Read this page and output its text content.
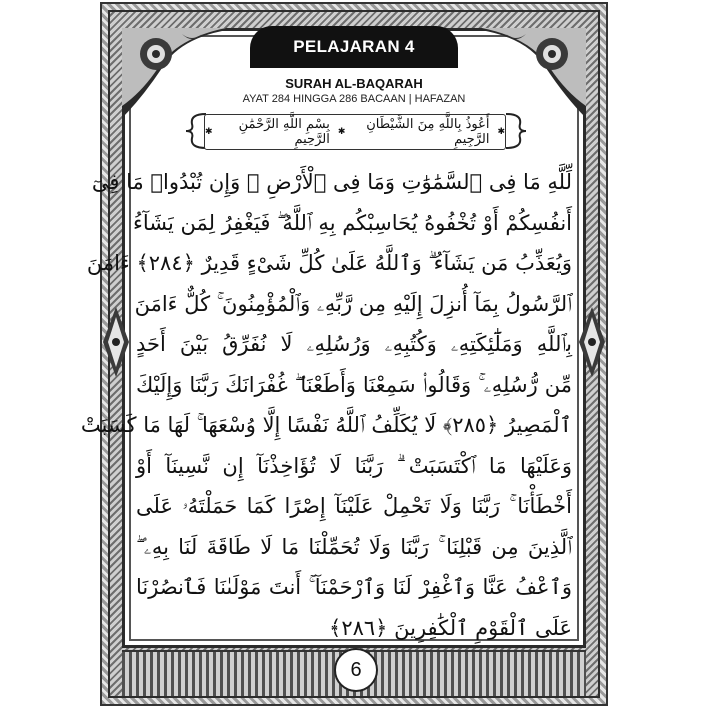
PELAJARAN 4
SURAH AL-BAQARAH
AYAT 284 HINGGA 286 BACAAN | HAFAZAN
✱
أَعُوذُ بِاللَّهِ مِنَ الشَّيْطَانِ الرَّجِيمِ
✱
بِسْمِ اللَّهِ الرَّحْمَٰنِ الرَّحِيمِ
✱
لِّلَّهِ مَا فِى ٱلسَّمَٰوَٰتِ وَمَا فِى ٱلْأَرْضِ ۗ وَإِن تُبْدُوا۟ مَا فِىٓ
أَنفُسِكُمْ أَوْ تُخْفُوهُ يُحَاسِبْكُم بِهِ ٱللَّهُ ۖ فَيَغْفِرُ لِمَن يَشَآءُ
وَيُعَذِّبُ مَن يَشَآءُ ۗ وَٱللَّهُ عَلَىٰ كُلِّ شَىْءٍ قَدِيرٌ ﴿٢٨٤﴾ ءَامَنَ
ٱلرَّسُولُ بِمَآ أُنزِلَ إِلَيْهِ مِن رَّبِّهِۦ وَٱلْمُؤْمِنُونَ ۚ كُلٌّ ءَامَنَ
بِٱللَّهِ وَمَلَٰٓئِكَتِهِۦ وَكُتُبِهِۦ وَرُسُلِهِۦ لَا نُفَرِّقُ بَيْنَ أَحَدٍ
مِّن رُّسُلِهِۦ ۚ وَقَالُوا۟ سَمِعْنَا وَأَطَعْنَا ۖ غُفْرَانَكَ رَبَّنَا وَإِلَيْكَ
ٱلْمَصِيرُ ﴿٢٨٥﴾ لَا يُكَلِّفُ ٱللَّهُ نَفْسًا إِلَّا وُسْعَهَا ۚ لَهَا مَا كَسَبَتْ
وَعَلَيْهَا مَا ٱكْتَسَبَتْ ۗ رَبَّنَا لَا تُؤَاخِذْنَآ إِن نَّسِينَآ أَوْ
أَخْطَأْنَا ۚ رَبَّنَا وَلَا تَحْمِلْ عَلَيْنَآ إِصْرًا كَمَا حَمَلْتَهُۥ عَلَى
ٱلَّذِينَ مِن قَبْلِنَا ۚ رَبَّنَا وَلَا تُحَمِّلْنَا مَا لَا طَاقَةَ لَنَا بِهِۦ ۖ
وَٱعْفُ عَنَّا وَٱغْفِرْ لَنَا وَٱرْحَمْنَآ ۚ أَنتَ مَوْلَىٰنَا فَٱنصُرْنَا
عَلَى ٱلْقَوْمِ ٱلْكَٰفِرِينَ ﴿٢٨٦﴾
6
